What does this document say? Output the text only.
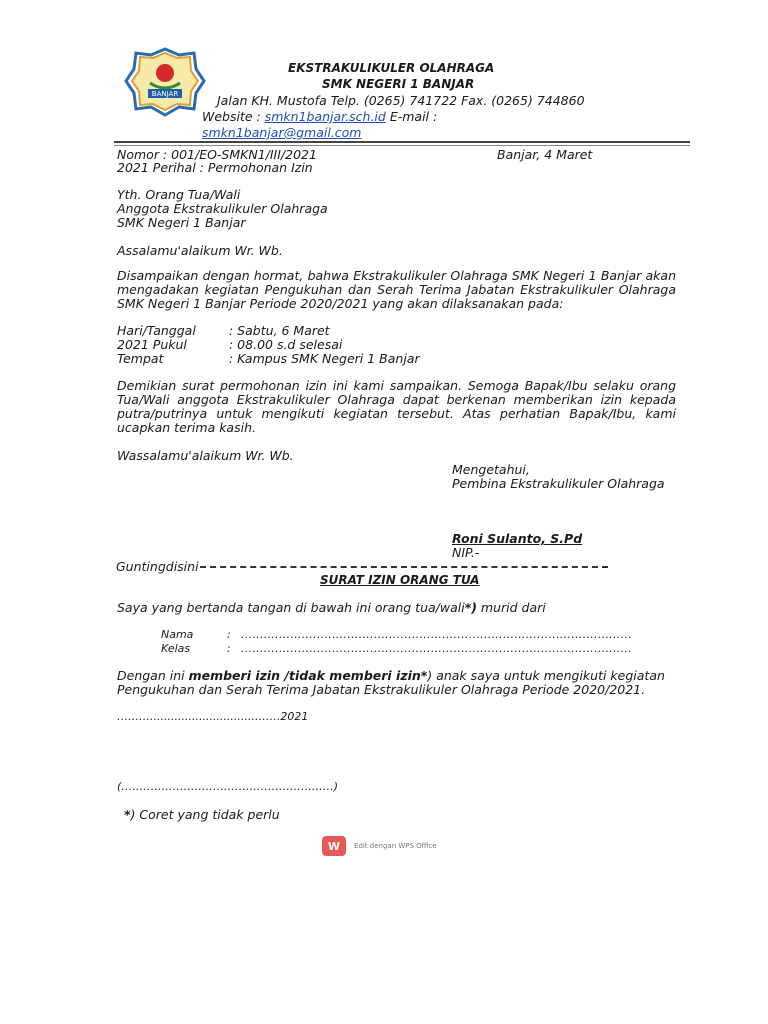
BANJAR
EKSTRAKULIKULER OLAHRAGA
SMK NEGERI 1 BANJAR
Jalan KH. Mustofa Telp. (0265) 741722 Fax. (0265) 744860
Website : smkn1banjar.sch.id E-mail :
smkn1banjar@gmail.com
Nomor : 001/EO-SMKN1/III/2021	Banjar, 4 Maret
2021 Perihal : Permohonan Izin
Yth. Orang Tua/Wali
Anggota Ekstrakulikuler Olahraga
SMK Negeri 1 Banjar
Assalamu'alaikum Wr. Wb.
Disampaikan dengan hormat, bahwa Ekstrakulikuler Olahraga SMK Negeri 1 Banjar akan mengadakan kegiatan Pengukuhan dan Serah Terima Jabatan Ekstrakulikuler Olahraga SMK Negeri 1 Banjar Periode 2020/2021 yang akan dilaksanakan pada:
Hari/Tanggal	: Sabtu, 6 Maret
2021 Pukul	: 08.00 s.d selesai
Tempat	: Kampus SMK Negeri 1 Banjar
Demikian surat permohonan izin ini kami sampaikan. Semoga Bapak/Ibu selaku orang Tua/Wali anggota Ekstrakulikuler Olahraga dapat berkenan memberikan izin kepada putra/putrinya untuk mengikuti kegiatan tersebut. Atas perhatian Bapak/Ibu, kami ucapkan terima kasih.
Wassalamu'alaikum Wr. Wb.
Mengetahui,
Pembina Ekstrakulikuler Olahraga
Roni Sulanto, S.Pd
NIP.-
Guntingdisini	-
SURAT IZIN ORANG TUA
Saya yang bertanda tangan di bawah ini orang tua/wali*) murid dari
Nama	: .......................................................................................................
Kelas	: .......................................................................................................
Dengan ini memberi izin /tidak memberi izin*) anak saya untuk mengikuti kegiatan Pengukuhan dan Serah Terima Jabatan Ekstrakulikuler Olahraga Periode 2020/2021.
………..............................…….2021
(…………………………………………….……)
*) Coret yang tidak perlu
W	Edit dengan WPS Office
